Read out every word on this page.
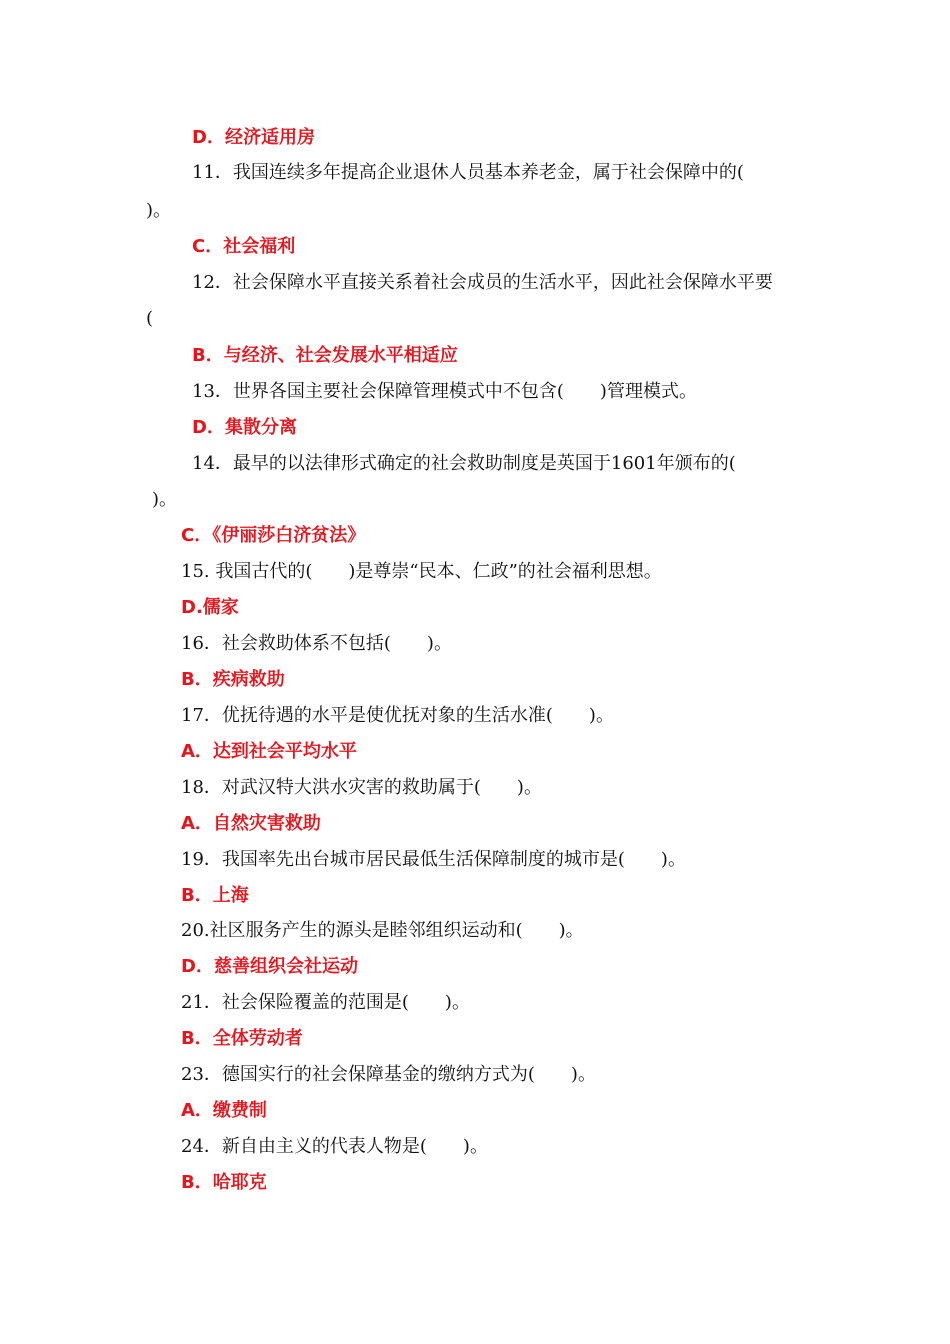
D．经济适用房
11．我国连续多年提高企业退休人员基本养老金，属于社会保障中的(
)。
C．社会福利
12．社会保障水平直接关系着社会成员的生活水平，因此社会保障水平要
(
B．与经济、社会发展水平相适应
13．世界各国主要社会保障管理模式中不包含(　　)管理模式。
D．集散分离
14．最早的以法律形式确定的社会救助制度是英国于1601年颁布的(
)。
C．《伊丽莎白济贫法》
15. 我国古代的(　　)是尊崇“民本、仁政”的社会福利思想。
D.儒家
16．社会救助体系不包括(　　)。
B．疾病救助
17．优抚待遇的水平是使优抚对象的生活水准(　　)。
A．达到社会平均水平
18．对武汉特大洪水灾害的救助属于(　　)。
A．自然灾害救助
19．我国率先出台城市居民最低生活保障制度的城市是(　　)。
B．上海
20.社区服务产生的源头是睦邻组织运动和(　　)。
D．慈善组织会社运动
21．社会保险覆盖的范围是(　　)。
B．全体劳动者
23．德国实行的社会保障基金的缴纳方式为(　　)。
A．缴费制
24．新自由主义的代表人物是(　　)。
B．哈耶克
